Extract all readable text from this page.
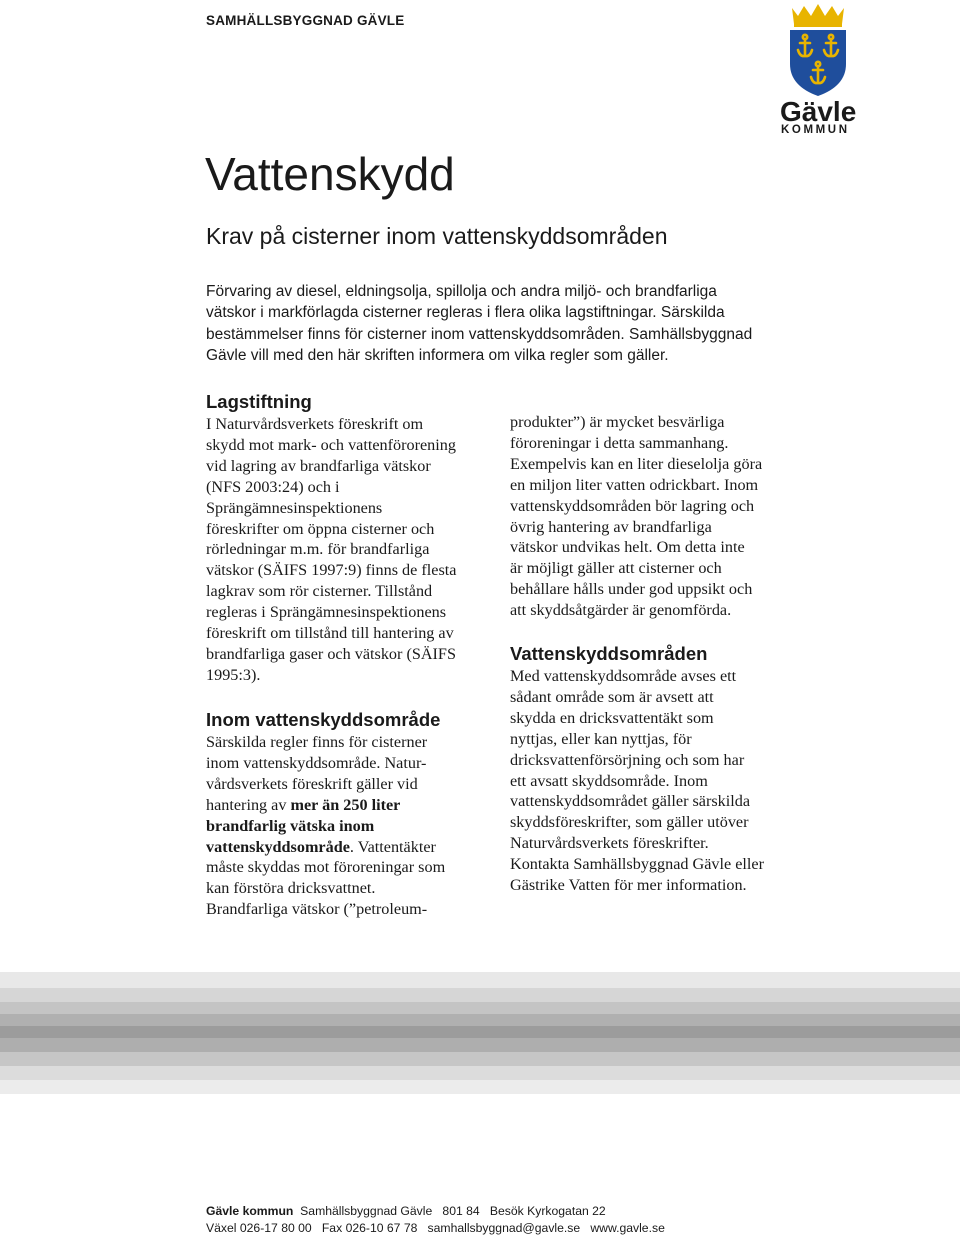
SAMHÄLLSBYGGNAD GÄVLE
Gävle
KOMMUN
Vattenskydd
Krav på cisterner inom vattenskyddsområden
Förvaring av diesel, eldningsolja, spillolja och andra miljö- och brandfarliga
vätskor i markförlagda cisterner regleras i flera olika lagstiftningar. Särskilda
bestämmelser finns för cisterner inom vattenskyddsområden. Samhällsbyggnad
Gävle vill med den här skriften informera om vilka regler som gäller.
Lagstiftning
I Naturvårdsverkets föreskrift om
skydd mot mark- och vattenförorening
vid lagring av brandfarliga vätskor
(NFS 2003:24) och i
Sprängämnesinspektionens
föreskrifter om öppna cisterner och
rörledningar m.m. för brandfarliga
vätskor (SÄIFS 1997:9) finns de flesta
lagkrav som rör cisterner. Tillstånd
regleras i Sprängämnesinspektionens
föreskrift om tillstånd till hantering av
brandfarliga gaser och vätskor (SÄIFS
1995:3).
Inom vattenskyddsområde
Särskilda regler finns för cisterner
inom vattenskyddsområde. Natur-
vårdsverkets föreskrift gäller vid
hantering av mer än 250 liter
brandfarlig vätska inom
vattenskyddsområde. Vattentäkter
måste skyddas mot föroreningar som
kan förstöra dricksvattnet.
Brandfarliga vätskor (”petroleum-
produkter”) är mycket besvärliga
föroreningar i detta sammanhang.
Exempelvis kan en liter dieselolja göra
en miljon liter vatten odrickbart. Inom
vattenskyddsområden bör lagring och
övrig hantering av brandfarliga
vätskor undvikas helt. Om detta inte
är möjligt gäller att cisterner och
behållare hålls under god uppsikt och
att skyddsåtgärder är genomförda.
Vattenskyddsområden
Med vattenskyddsområde avses ett
sådant område som är avsett att
skydda en dricksvattentäkt som
nyttjas, eller kan nyttjas, för
dricksvattenförsörjning och som har
ett avsatt skyddsområde. Inom
vattenskyddsområdet gäller särskilda
skyddsföreskrifter, som gäller utöver
Naturvårdsverkets föreskrifter.
Kontakta Samhällsbyggnad Gävle eller
Gästrike Vatten för mer information.
Gävle kommun Samhällsbyggnad Gävle   801 84   Besök Kyrkogatan 22
Växel 026-17 80 00   Fax 026-10 67 78   samhallsbyggnad@gavle.se   www.gavle.se
